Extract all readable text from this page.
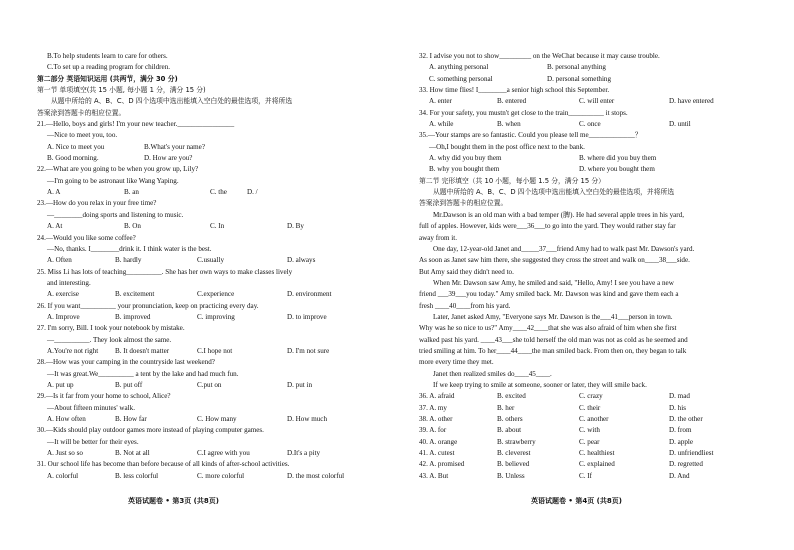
B.To help students learn to care for others.
C.To set up a reading program for children.
第二部分 英语知识运用 (共两节，满分 30 分)
第一节 单项填空(共 15 小题, 每小题 1 分，满分 15 分)
从题中所给的 A、B、C、D 四个选项中选出能填入空白处的最佳选项，并将所选
答案涂到答题卡的相应位置。
21.—Hello, boys and girls! I'm your new teacher.________________
—Nice to meet you, too.
A. Nice to meet you	B.What's your name?
B. Good morning.	D. How are you?
22.—What are you going to be when you grow up, Lily?
—I'm going to be astronaut like Wang Yaping.
A. A	B. an	C. the	D. /
23.—How do you relax in your free time?
—________doing sports and listening to music.
A. At	B. On	C. In	D. By
24.—Would you like some coffee?
—No, thanks. I________drink it. I think water is the best.
A. Often	B. hardly	C.usually	D. always
25. Miss Li has lots of teaching__________. She has her own ways to make classes lively
and interesting.
A. exercise	B. excitement	C.experience	D. environment
26. If you want__________ your pronunciation, keep on practicing every day.
A. Improve	B. improved	C. improving	D. to improve
27. I'm sorry, Bill. I took your notebook by mistake.
—__________. They look almost the same.
A.You're not right B. It doesn't matter	C.I hope not	D. I'm not sure
28.—How was your camping in the countryside last weekend?
—It was great.We__________ a tent by the lake and had much fun.
A. put up	B. put off	C.put on	D. put in
29.—Is it far from your home to school, Alice?
—About fifteen minutes' walk.
A. How often	B. How far	C. How many	D. How much
30.—Kids should play outdoor games more instead of playing computer games.
—It will be better for their eyes.
A. Just so so	B. Not at all	C.I agree with you	D.It's a pity
31. Our school life has become than before because of all kinds of after-school activities.
A. colorful	B. less colorful	C. more colorful	D. the most colorful
英语试题卷 • 第3页 (共8页)
32. I advise you not to show_________ on the WeChat because it may cause trouble.
A. anything personal	B. personal anything
C. something personal	D. personal something
33. How time flies! I________a senior high school this September.
A. enter	B. entered	C. will enter	D. have entered
34. For your safety, you mustn't get close to the train__________ it stops.
A. while	B. when	C. once	D. until
35.—Your stamps are so fantastic. Could you please tell me_____________？
—Oh,I bought them in the post office next to the bank.
A. why did you buy them	B. where did you buy them
B. why you bought them	D. where you bought them
第二节 完形填空（共 10 小题，每小题 1.5 分，满分 15 分）
从题中所给的 A、B、C、D 四个选项中选出能填入空白处的最佳选项，并将所选
答案涂到答题卡的相应位置。
Mr.Dawson is an old man with a bad temper (脾). He had several apple trees in his yard,
full of apples. However, kids were___36___to go into the yard. They would rather stay far
away from it.
One day, 12-year-old Janet and_____37___friend Amy had to walk past Mr. Dawson's yard.
As soon as Janet saw him there, she suggested they cross the street and walk on____38___side.
But Amy said they didn't need to.
When Mr. Dawson saw Amy, he smiled and said, "Hello, Amy! I see you have a new
friend ___39___you today." Amy smiled back. Mr. Dawson was kind and gave them each a
fresh ____40____from his yard.
Later, Janet asked Amy, "Everyone says Mr. Dawson is the___41___person in town.
Why was he so nice to us?" Amy____42____that she was also afraid of him when she first
walked past his yard. ____43___she told herself the old man was not as cold as he seemed and
tried smiling at him. To her____44____the man smiled back. From then on, they began to talk
more every time they met.
Janet then realized smiles do____45____.
If we keep trying to smile at someone, sooner or later, they will smile back.
36. A. afraid	B. excited	C. crazy	D. mad
37. A. my	B. her	C. their	D. his
38. A. other	B. others	C. another	D. the other
39. A. for	B. about	C. with	D. from
40. A. orange	B. strawberry	C. pear	D. apple
41. A. cutest	B. cleverest	C. healthiest	D. unfriendliest
42. A. promised	B. believed	C. explained	D. regretted
43. A. But	B. Unless	C. If	D. And
英语试题卷 • 第4页 (共8页)
